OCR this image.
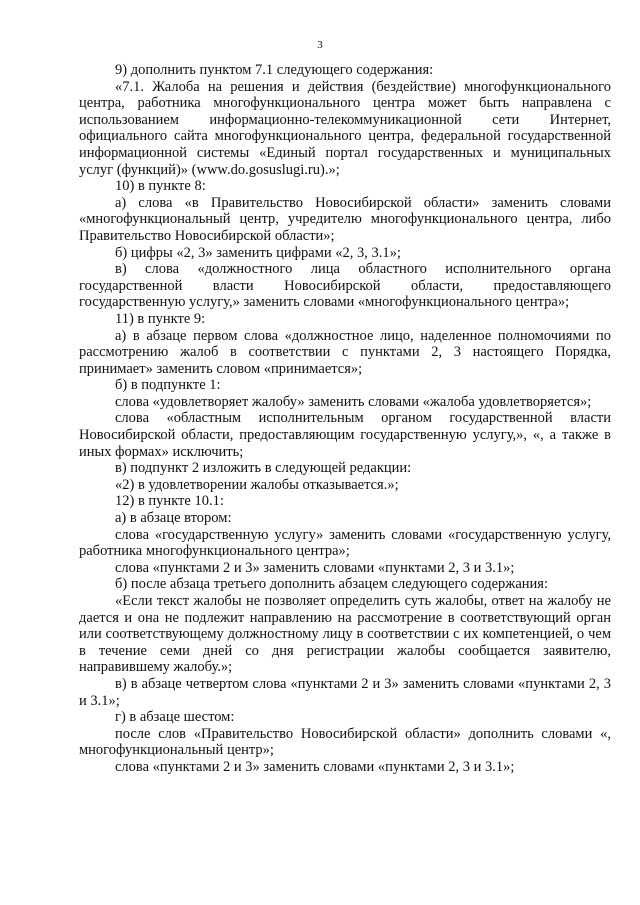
3

9) дополнить пунктом 7.1 следующего содержания:

«7.1. Жалоба на решения и действия (бездействие) многофункционального центра, работника многофункционального центра может быть направлена с использованием информационно-телекоммуникационной сети Интернет, официального сайта многофункционального центра, федеральной государственной информационной системы «Единый портал государственных и муниципальных услуг (функций)» (www.do.gosuslugi.ru).»;

10) в пункте 8:

а) слова «в Правительство Новосибирской области» заменить словами «многофункциональный центр, учредителю многофункционального центра, либо Правительство Новосибирской области»;

б) цифры «2, 3» заменить цифрами «2, 3, 3.1»;

в) слова «должностного лица областного исполнительного органа государственной власти Новосибирской области, предоставляющего государственную услугу,» заменить словами «многофункционального центра»;

11) в пункте 9:

а) в абзаце первом слова «должностное лицо, наделенное полномочиями по рассмотрению жалоб в соответствии с пунктами 2, 3 настоящего Порядка, принимает» заменить словом «принимается»;

б) в подпункте 1:

слова «удовлетворяет жалобу» заменить словами «жалоба удовлетворяется»;

слова «областным исполнительным органом государственной власти Новосибирской области, предоставляющим государственную услугу,», «, а также в иных формах» исключить;

в) подпункт 2 изложить в следующей редакции:

«2) в удовлетворении жалобы отказывается.»;

12) в пункте 10.1:

а) в абзаце втором:

слова «государственную услугу» заменить словами «государственную услугу, работника многофункционального центра»;

слова «пунктами 2 и 3» заменить словами «пунктами 2, 3 и 3.1»;

б) после абзаца третьего дополнить абзацем следующего содержания:

«Если текст жалобы не позволяет определить суть жалобы, ответ на жалобу не дается и она не подлежит направлению на рассмотрение в соответствующий орган или соответствующему должностному лицу в соответствии с их компетенцией, о чем в течение семи дней со дня регистрации жалобы сообщается заявителю, направившему жалобу.»;

в) в абзаце четвертом слова «пунктами 2 и 3» заменить словами «пунктами 2, 3 и 3.1»;

г) в абзаце шестом:

после слов «Правительство Новосибирской области» дополнить словами «, многофункциональный центр»;

слова «пунктами 2 и 3» заменить словами «пунктами 2, 3 и 3.1»;
